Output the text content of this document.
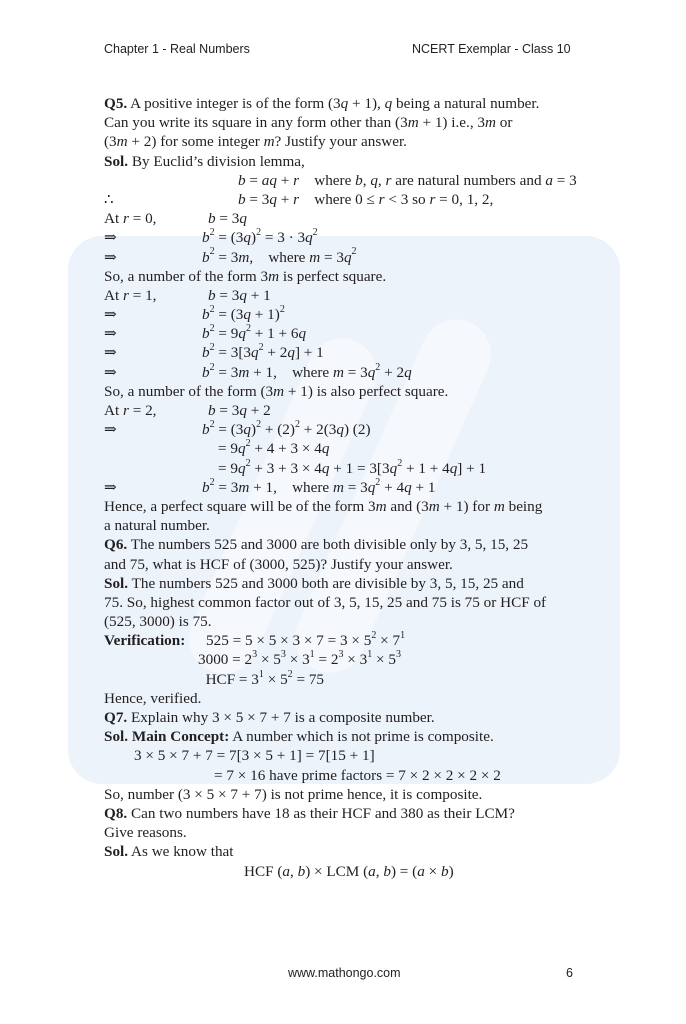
Chapter 1 - Real Numbers	NCERT Exemplar - Class 10
Q5. A positive integer is of the form (3q + 1), q being a natural number.
Can you write its square in any form other than (3m + 1) i.e., 3m or
(3m + 2) for some integer m? Justify your answer.
Sol. By Euclid’s division lemma,
b = aq + r    where b, q, r are natural numbers and a = 3
∴	b = 3q + r    where 0 ≤ r < 3 so r = 0, 1, 2,
At r = 0,	b = 3q
⇒	$b^2 = (3q)^2 = 3 \cdot 3q^2$
⇒	$b^2 = 3m$,    where $m = 3q^2$
So, a number of the form 3m is perfect square.
At r = 1,	b = 3q + 1
⇒	$b^2 = (3q + 1)^2$
⇒	$b^2 = 9q^2 + 1 + 6q$
⇒	$b^2 = 3[3q^2 + 2q] + 1$
⇒	$b^2 = 3m + 1$,    where $m = 3q^2 + 2q$
So, a number of the form (3m + 1) is also perfect square.
At r = 2,	b = 3q + 2
⇒	$b^2 = (3q)^2 + (2)^2 + 2(3q)$ (2)
= $9q^2 + 4 + 3 \times 4q$
= $9q^2 + 3 + 3 \times 4q + 1 = 3[3q^2 + 1 + 4q] + 1$
⇒	$b^2 = 3m + 1$,    where $m = 3q^2 + 4q + 1$
Hence, a perfect square will be of the form 3m and (3m + 1) for m being
a natural number.
Q6. The numbers 525 and 3000 are both divisible only by 3, 5, 15, 25
and 75, what is HCF of (3000, 525)? Justify your answer.
Sol. The numbers 525 and 3000 both are divisible by 3, 5, 15, 25 and
75. So, highest common factor out of 3, 5, 15, 25 and 75 is 75 or HCF of
(525, 3000) is 75.
Verification: $525 = 5 \times 5 \times 3 \times 7 = 3 \times 5^2 \times 7^1$
$3000 = 2^3 \times 5^3 \times 3^1 = 2^3 \times 3^1 \times 5^3$
HCF = $3^1 \times 5^2 = 75$
Hence, verified.
Q7. Explain why 3 × 5 × 7 + 7 is a composite number.
Sol. Main Concept: A number which is not prime is composite.
3 × 5 × 7 + 7 = 7[3 × 5 + 1] = 7[15 + 1]
= 7 × 16 have prime factors = 7 × 2 × 2 × 2 × 2
So, number (3 × 5 × 7 + 7) is not prime hence, it is composite.
Q8. Can two numbers have 18 as their HCF and 380 as their LCM?
Give reasons.
Sol. As we know that
HCF (a, b) × LCM (a, b) = (a × b)
www.mathongo.com	6
